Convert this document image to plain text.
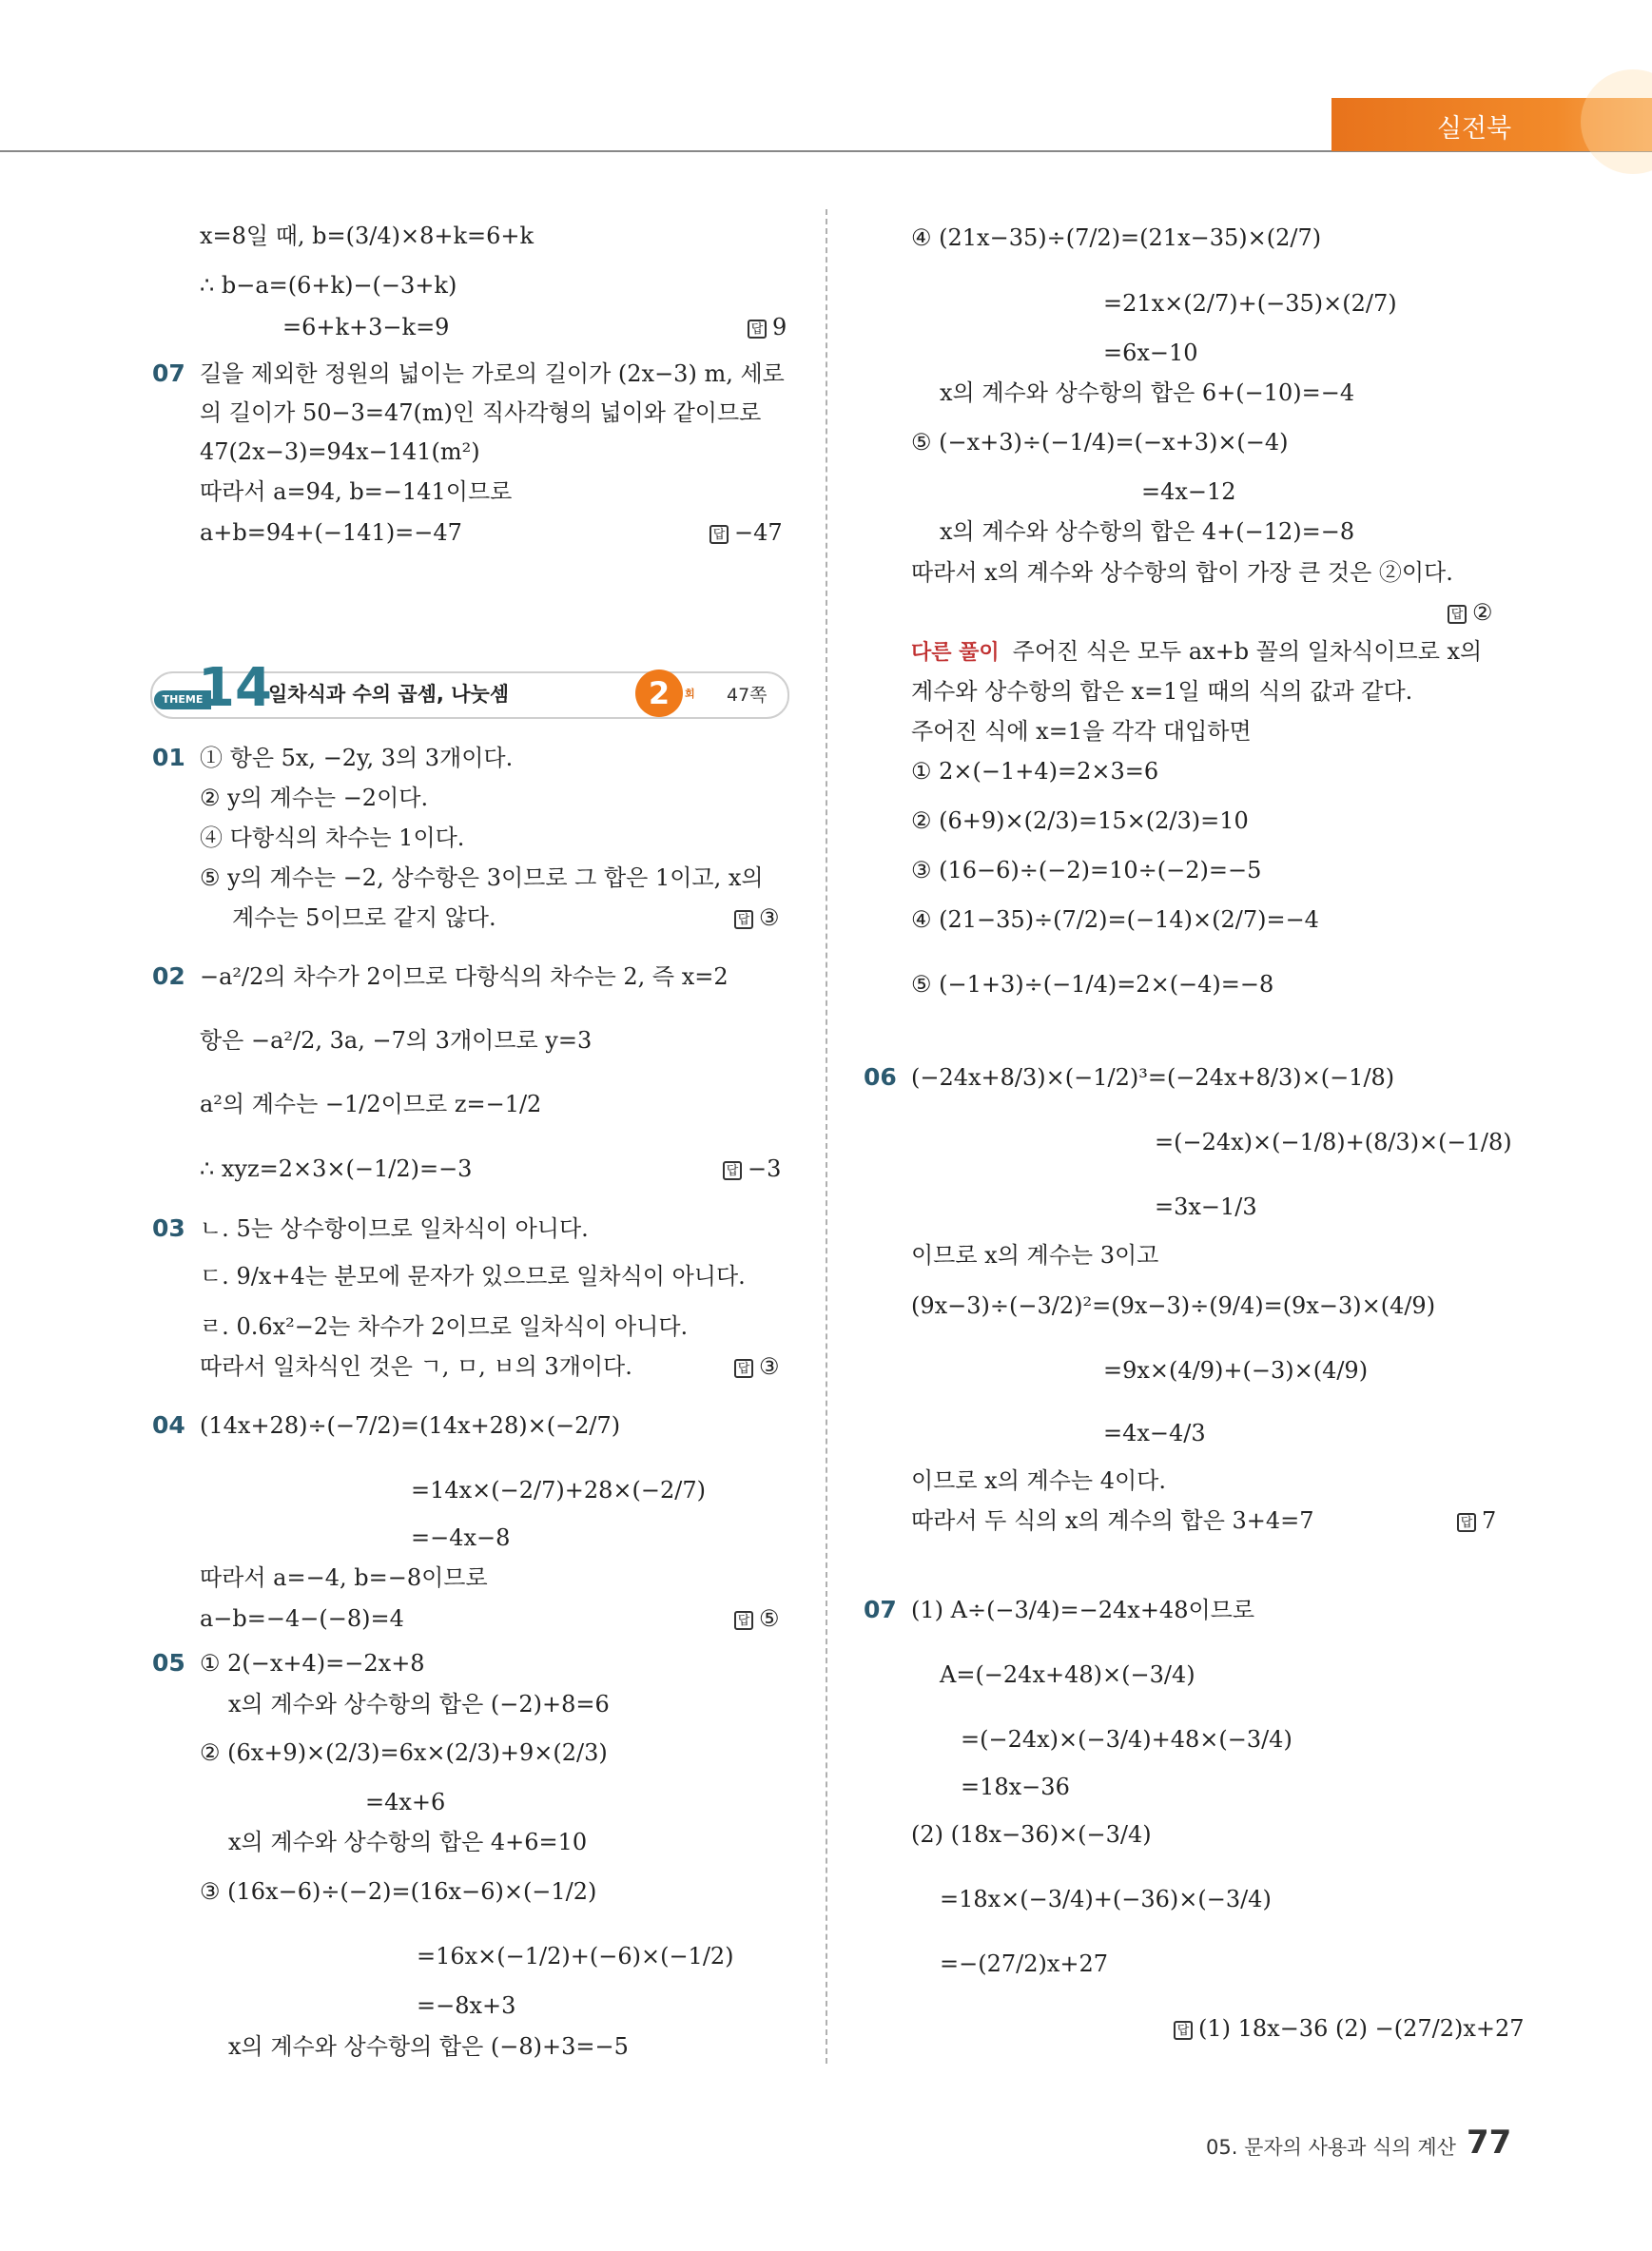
실전북
x=8일 때, b=(3/4)×8+k=6+k
∴ b−a=(6+k)−(−3+k)
=6+k+3−k=9	답 9
07 길을 제외한 정원의 넓이는 가로의 길이가 (2x−3) m, 세로
의 길이가 50−3=47(m)인 직사각형의 넓이와 같이므로
47(2x−3)=94x−141(m²)
따라서 a=94, b=−141이므로
a+b=94+(−141)=−47	답 −47
THEME
14
일차식과 수의 곱셈, 나눗셈	2	회 47쪽
01 ① 항은 5x, −2y, 3의 3개이다.
② y의 계수는 −2이다.
④ 다항식의 차수는 1이다.
⑤ y의 계수는 −2, 상수항은 3이므로 그 합은 1이고, x의
계수는 5이므로 같지 않다.	답 ③
02 −a²/2의 차수가 2이므로 다항식의 차수는 2, 즉 x=2
항은 −a²/2, 3a, −7의 3개이므로 y=3
a²의 계수는 −1/2이므로 z=−1/2
∴ xyz=2×3×(−1/2)=−3	답 −3
03 ㄴ. 5는 상수항이므로 일차식이 아니다.
ㄷ. 9/x+4는 분모에 문자가 있으므로 일차식이 아니다.
ㄹ. 0.6x²−2는 차수가 2이므로 일차식이 아니다.
따라서 일차식인 것은 ㄱ, ㅁ, ㅂ의 3개이다.	답 ③
04 (14x+28)÷(−7/2)=(14x+28)×(−2/7)
=14x×(−2/7)+28×(−2/7)
=−4x−8
따라서 a=−4, b=−8이므로
a−b=−4−(−8)=4	답 ⑤
05 ① 2(−x+4)=−2x+8
x의 계수와 상수항의 합은 (−2)+8=6
② (6x+9)×(2/3)=6x×(2/3)+9×(2/3)
=4x+6
x의 계수와 상수항의 합은 4+6=10
③ (16x−6)÷(−2)=(16x−6)×(−1/2)
=16x×(−1/2)+(−6)×(−1/2)
=−8x+3
x의 계수와 상수항의 합은 (−8)+3=−5
④ (21x−35)÷(7/2)=(21x−35)×(2/7)
=21x×(2/7)+(−35)×(2/7)
=6x−10
x의 계수와 상수항의 합은 6+(−10)=−4
⑤ (−x+3)÷(−1/4)=(−x+3)×(−4)
=4x−12
x의 계수와 상수항의 합은 4+(−12)=−8
따라서 x의 계수와 상수항의 합이 가장 큰 것은 ②이다.
답 ②
다른 풀이 주어진 식은 모두 ax+b 꼴의 일차식이므로 x의
계수와 상수항의 합은 x=1일 때의 식의 값과 같다.
주어진 식에 x=1을 각각 대입하면
① 2×(−1+4)=2×3=6
② (6+9)×(2/3)=15×(2/3)=10
③ (16−6)÷(−2)=10÷(−2)=−5
④ (21−35)÷(7/2)=(−14)×(2/7)=−4
⑤ (−1+3)÷(−1/4)=2×(−4)=−8
06 (−24x+8/3)×(−1/2)³=(−24x+8/3)×(−1/8)
=(−24x)×(−1/8)+(8/3)×(−1/8)
=3x−1/3
이므로 x의 계수는 3이고
(9x−3)÷(−3/2)²=(9x−3)÷(9/4)=(9x−3)×(4/9)
=9x×(4/9)+(−3)×(4/9)
=4x−4/3
이므로 x의 계수는 4이다.
따라서 두 식의 x의 계수의 합은 3+4=7	답 7
07 (1) A÷(−3/4)=−24x+48이므로
A=(−24x+48)×(−3/4)
=(−24x)×(−3/4)+48×(−3/4)
=18x−36
(2) (18x−36)×(−3/4)
=18x×(−3/4)+(−36)×(−3/4)
=−(27/2)x+27
답 (1) 18x−36 (2) −(27/2)x+27
05. 문자의 사용과 식의 계산 77
